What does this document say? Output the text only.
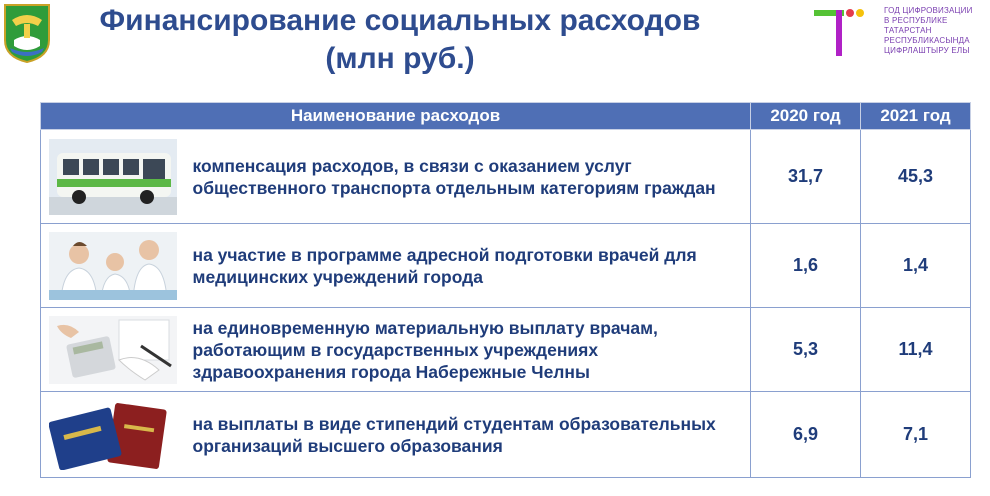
Финансирование социальных расходов
(млн руб.)
ГОД ЦИФРОВИЗАЦИИ
В РЕСПУБЛИКЕ
ТАТАРСТАН
РЕСПУБЛИКАСЫНДА
ЦИФРЛАШТЫРУ ЕЛЫ
Наименование расходов		2020 год	2021 год

	компенсация расходов, в связи с оказанием услуг общественного транспорта отдельным категориям граждан	31,7	45,3

	на участие в программе адресной подготовки врачей для медицинских учреждений города	1,6	1,4

	на единовременную материальную выплату врачам, работающим в государственных учреждениях здравоохранения города Набережные Челны	5,3	11,4

	на выплаты в виде стипендий студентам образовательных организаций высшего образования	6,9	7,1
